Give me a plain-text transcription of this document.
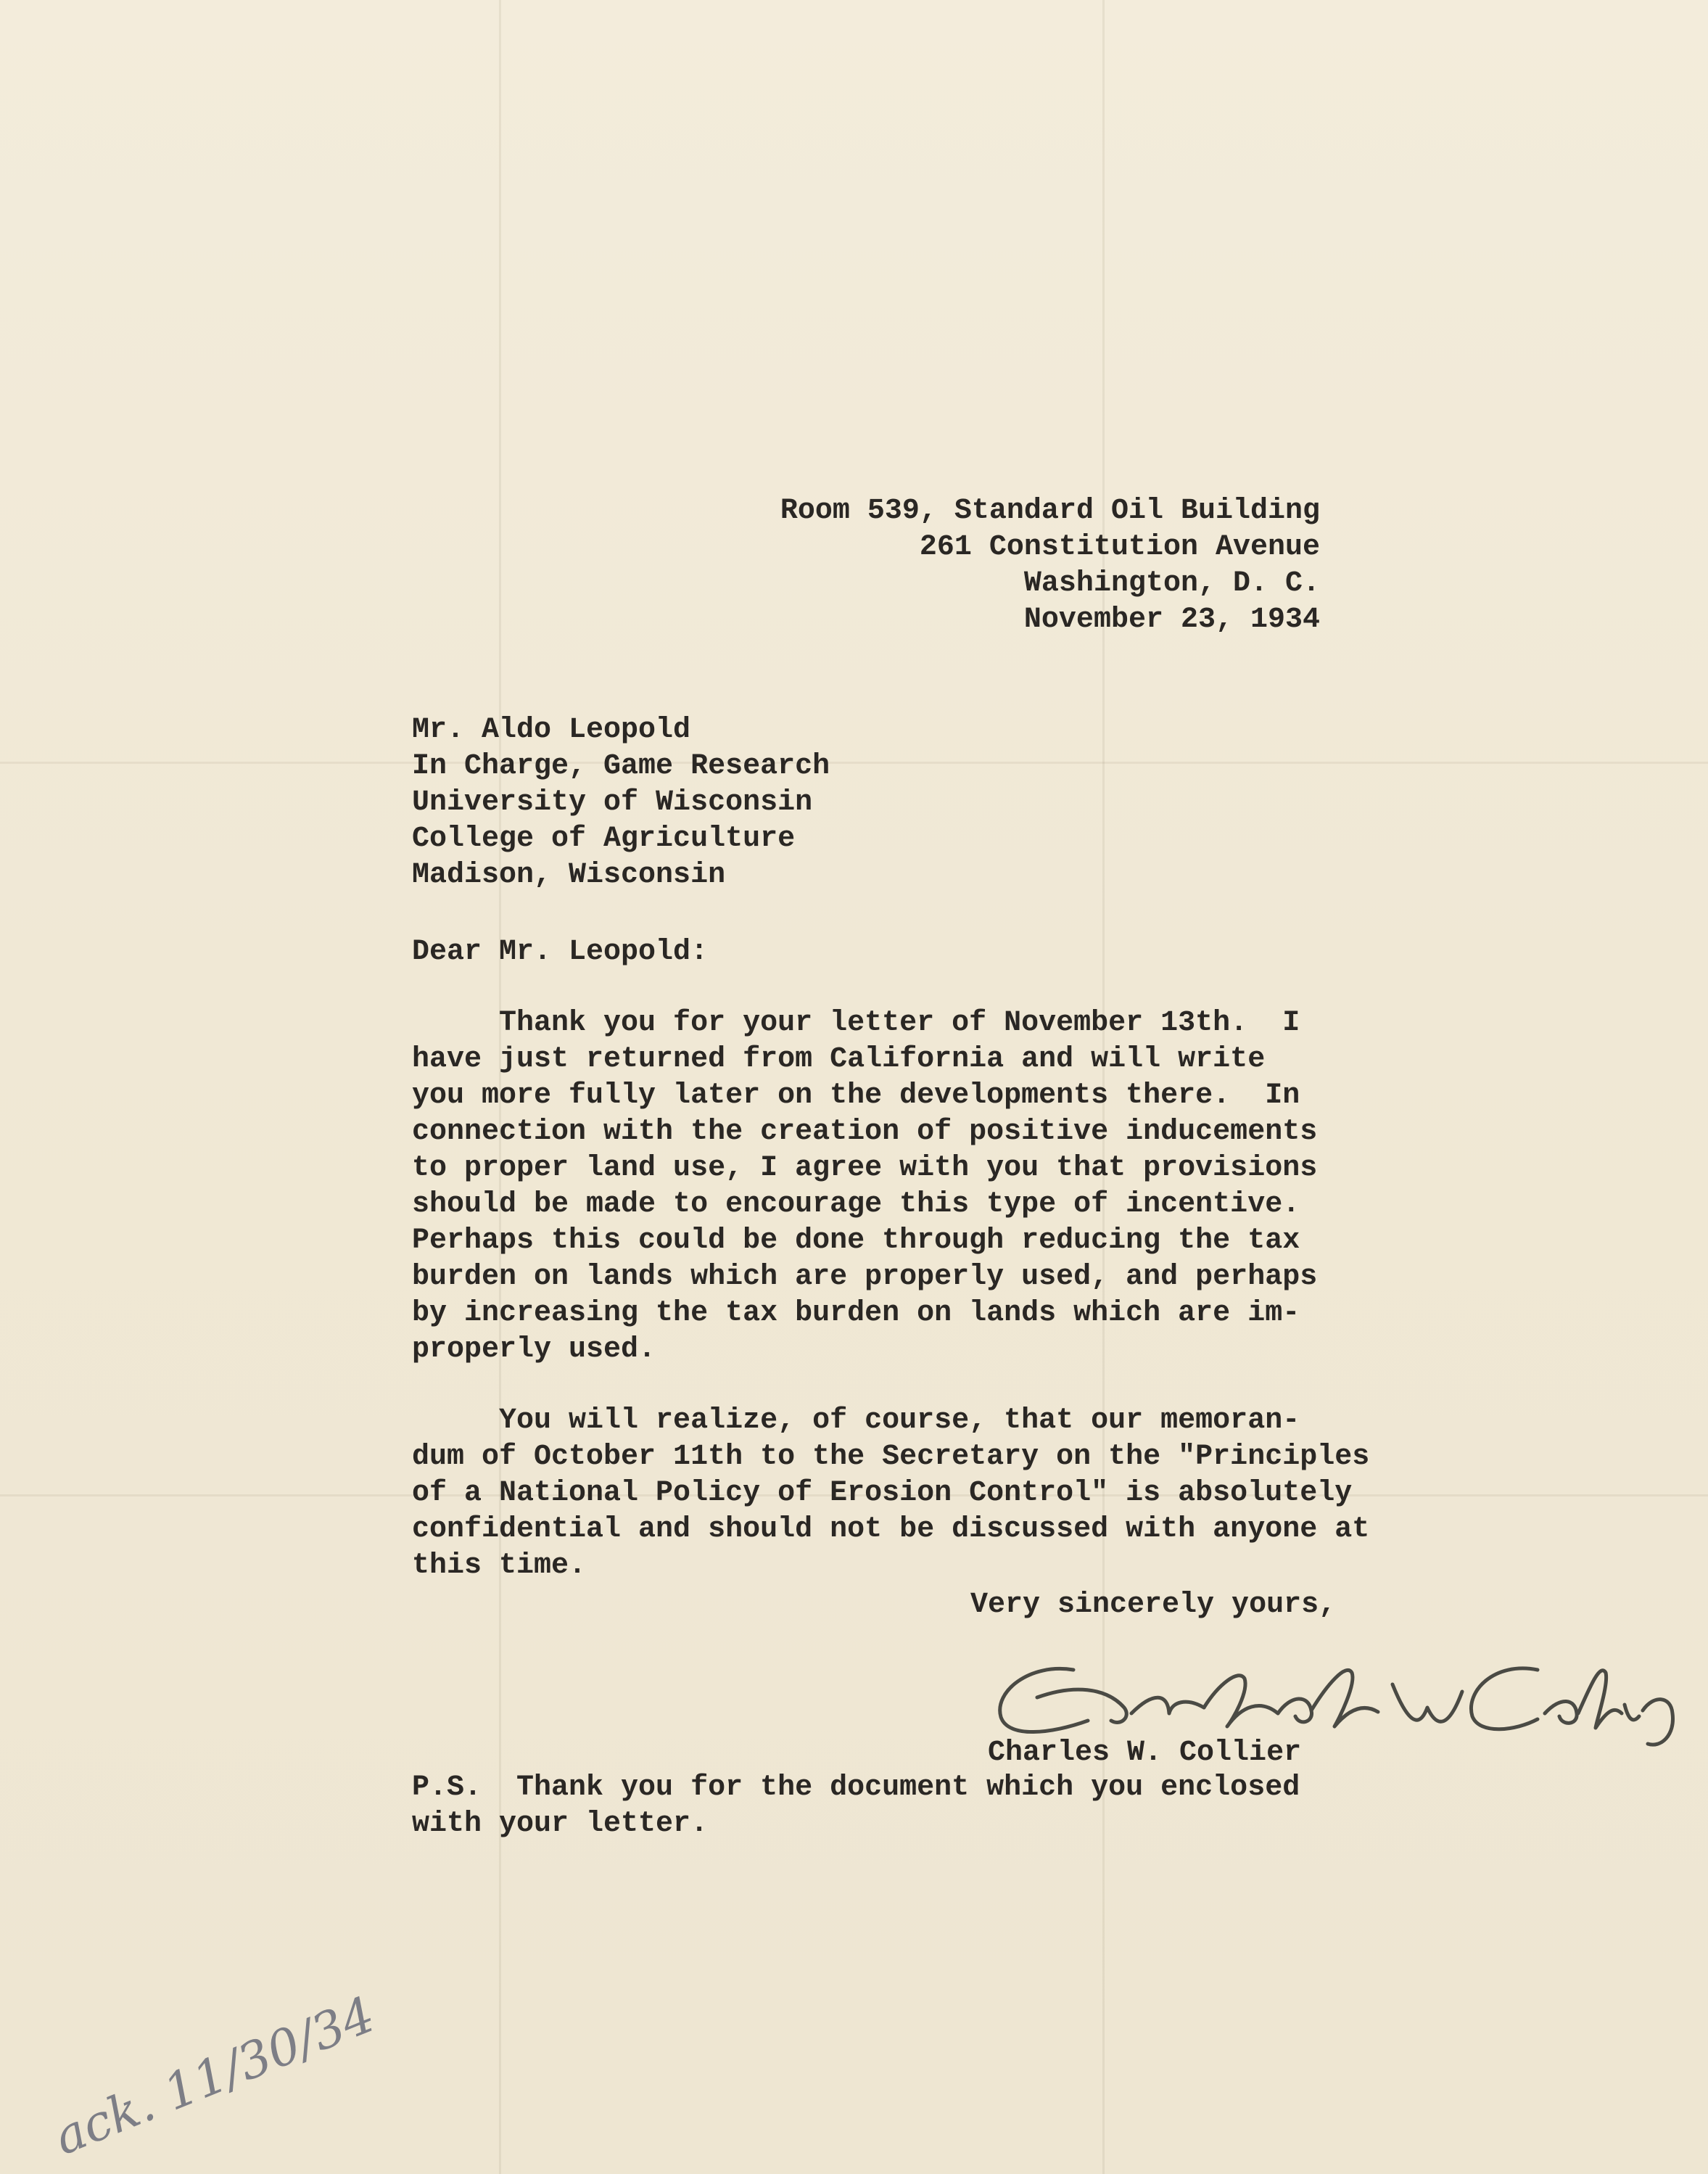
Room 539, Standard Oil Building

261 Constitution Avenue

Washington, D. C.

November 23, 1934

Mr. Aldo Leopold

In Charge, Game Research

University of Wisconsin

College of Agriculture

Madison, Wisconsin

Dear Mr. Leopold:

Thank you for your letter of November 13th.  I

have just returned from California and will write

you more fully later on the developments there.  In

connection with the creation of positive inducements

to proper land use, I agree with you that provisions

should be made to encourage this type of incentive.

Perhaps this could be done through reducing the tax

burden on lands which are properly used, and perhaps

by increasing the tax burden on lands which are im-

properly used.

You will realize, of course, that our memoran-

dum of October 11th to the Secretary on the "Principles

of a National Policy of Erosion Control" is absolutely

confidential and should not be discussed with anyone at

this time.

Very sincerely yours,

Charles W. Collier

Charles W. Collier

P.S.  Thank you for the document which you enclosed

with your letter.

ack. 11/30/34
